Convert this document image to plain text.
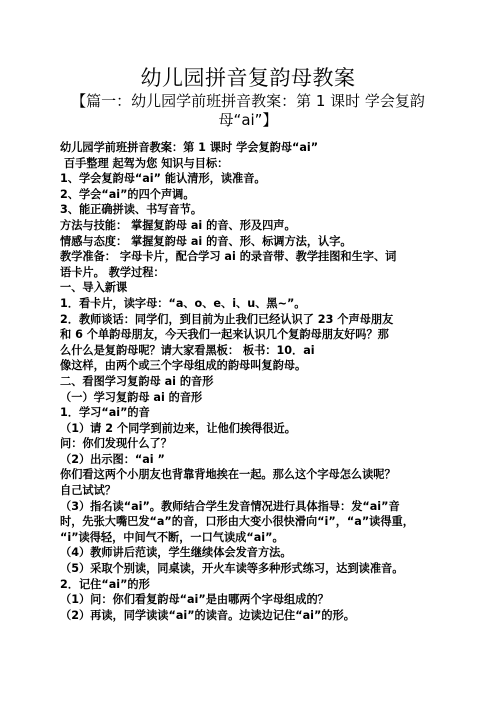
幼儿园拼音复韵母教案
【篇一：幼儿园学前班拼音教案：第 1 课时 学会复韵母“ai”】

幼儿园学前班拼音教案：第 1 课时 学会复韵母“ai”

百手整理 起驾为您 知识与目标：

1、学会复韵母“ai” 能认清形，读准音。

2、学会“ai”的四个声调。

3、能正确拼读、书写音节。

方法与技能： 掌握复韵母 ai 的音、形及四声。

情感与态度： 掌握复韵母 ai 的音、形、标调方法，认字。

教学准备： 字母卡片，配合学习 ai 的录音带、教学挂图和生字、词

语卡片。 教学过程：

一、导入新课

1．看卡片，读字母：“a、o、e、i、u、黑~”。

2．教师谈话：同学们，到目前为止我们已经认识了 23 个声母朋友

和 6 个单韵母朋友，今天我们一起来认识几个复韵母朋友好吗？那

么什么是复韵母呢？请大家看黑板： 板书：10．ai

像这样，由两个或三个字母组成的韵母叫复韵母。

二、看图学习复韵母 ai 的音形

（一）学习复韵母 ai 的音形

1．学习“ai”的音

（1）请 2 个同学到前边来，让他们挨得很近。

问：你们发现什么了？

（2）出示图：“ai ”

你们看这两个小朋友也背靠背地挨在一起。那么这个字母怎么读呢？

自己试试？

（3）指名读“ai”。教师结合学生发音情况进行具体指导：发“ai”音

时，先张大嘴巴发“a”的音，口形由大变小很快滑向“i”，“a”读得重，

“i”读得轻，中间气不断，一口气读成“ai”。

（4）教师讲后范读，学生继续体会发音方法。

（5）采取个别读，同桌读，开火车读等多种形式练习，达到读准音。

2．记住“ai”的形

（1）问：你们看复韵母“ai”是由哪两个字母组成的？

（2）再读，同学读读“ai”的读音。边读边记住“ai”的形。
